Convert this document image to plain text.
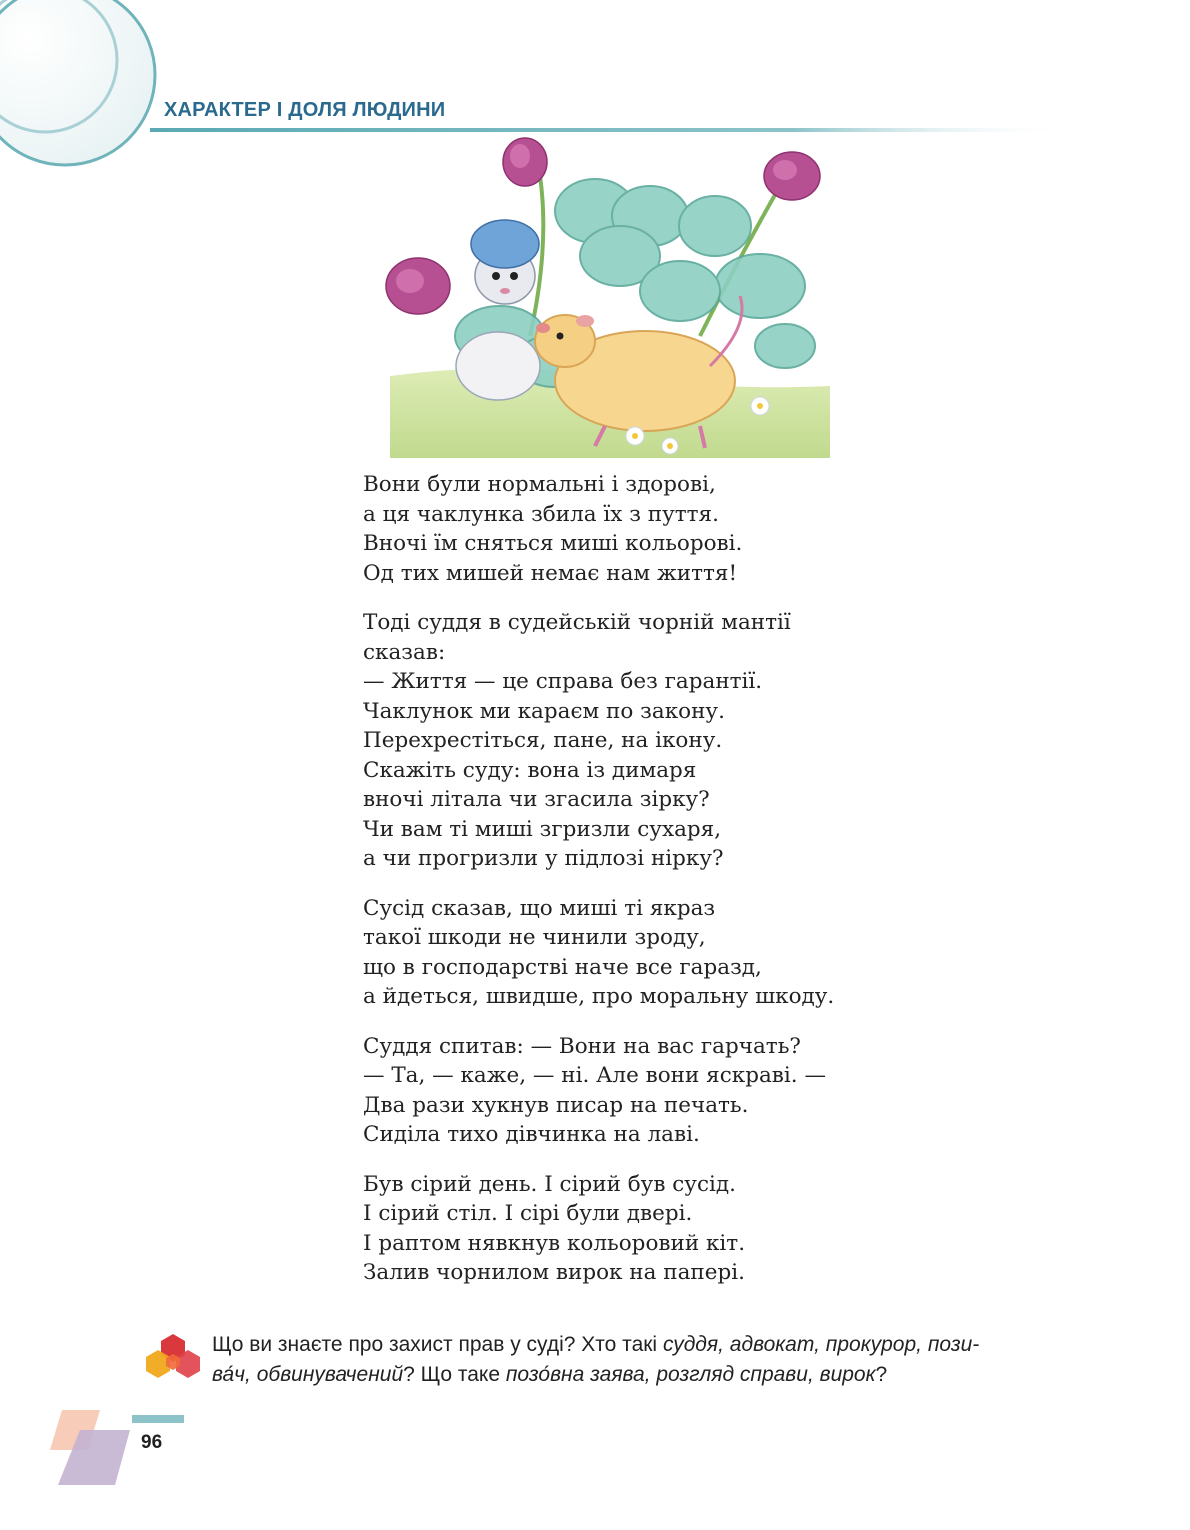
ХАРАКТЕР І ДОЛЯ ЛЮДИНИ
Вони були нормальні і здорові,
а ця чаклунка збила їх з пуття.
Вночі їм сняться миші кольорові.
Од тих мишей немає нам життя!
Тоді суддя в судейській чорній мантії
сказав:
— Життя — це справа без гарантії.
Чаклунок ми караєм по закону.
Перехрестіться, пане, на ікону.
Скажіть суду: вона із димаря
вночі літала чи згасила зірку?
Чи вам ті миші згризли сухаря,
а чи прогризли у підлозі нірку?
Сусід сказав, що миші ті якраз
такої шкоди не чинили зроду,
що в господарстві наче все гаразд,
а йдеться, швидше, про моральну шкоду.
Суддя спитав: — Вони на вас гарчать?
— Та, — каже, — ні. Але вони яскраві. —
Два рази хукнув писар на печать.
Сиділа тихо дівчинка на лаві.
Був сірий день. І сірий був сусід.
І сірий стіл. І сірі були двері.
І раптом нявкнув кольоровий кіт.
Залив чорнилом вирок на папері.
Що ви знаєте про захист прав у суді? Хто такі суддя, адвокат, прокурор, пози-
ва́ч, обвинувачений? Що таке позо́вна заява, розгляд справи, вирок?
96
